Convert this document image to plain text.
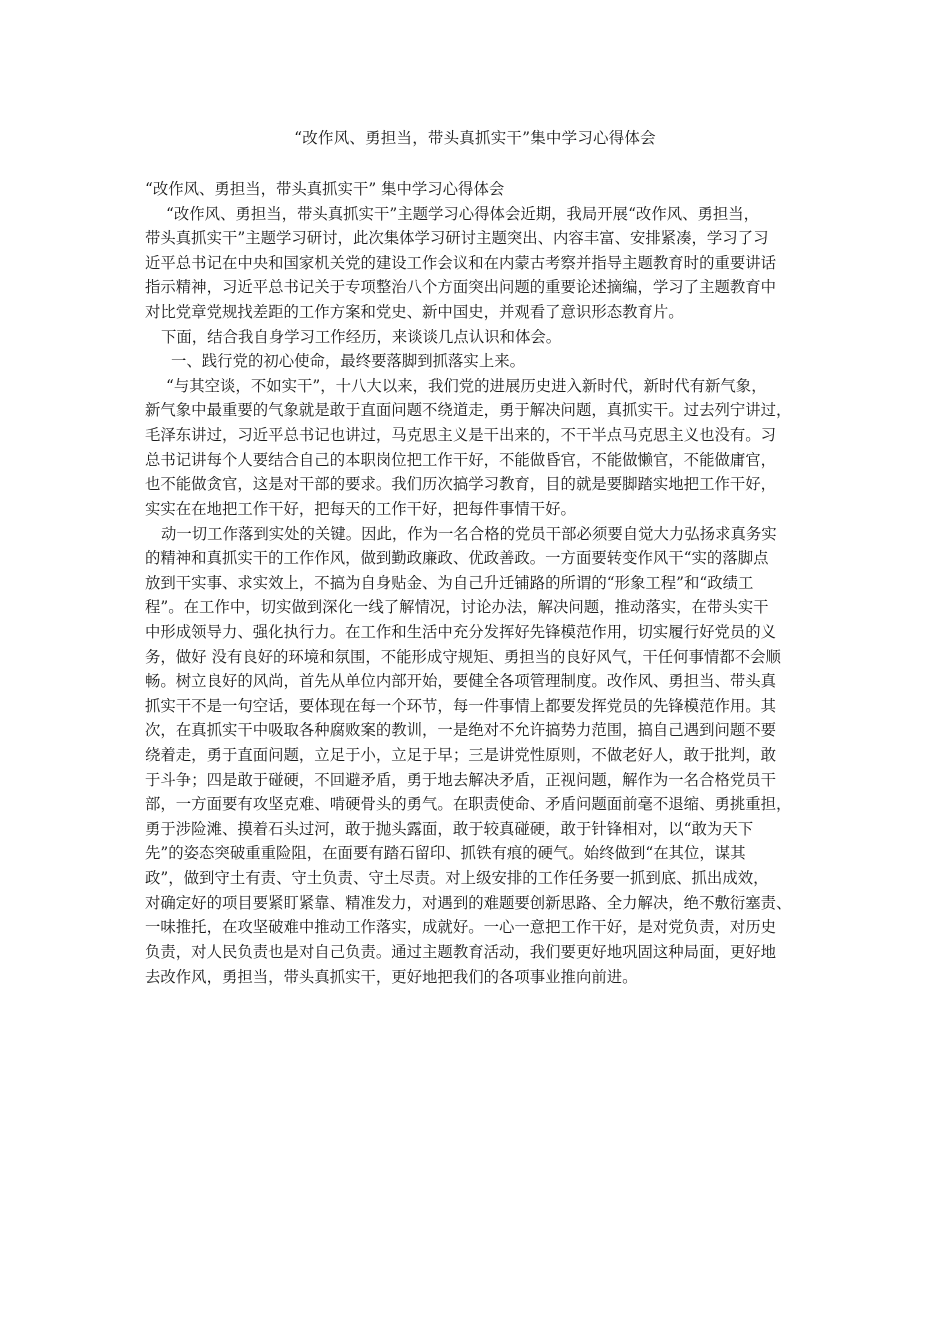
“改作风、勇担当，带头真抓实干”集中学习心得体会
“改作风、勇担当，带头真抓实干” 集中学习心得体会
“改作风、勇担当，带头真抓实干”主题学习心得体会近期，我局开展“改作风、勇担当，
带头真抓实干”主题学习研讨，此次集体学习研讨主题突出、内容丰富、安排紧凑，学习了习
近平总书记在中央和国家机关党的建设工作会议和在内蒙古考察并指导主题教育时的重要讲话
指示精神，习近平总书记关于专项整治八个方面突出问题的重要论述摘编，学习了主题教育中
对比党章党规找差距的工作方案和党史、新中国史，并观看了意识形态教育片。
下面，结合我自身学习工作经历，来谈谈几点认识和体会。
一、践行党的初心使命，最终要落脚到抓落实上来。
“与其空谈，不如实干”，十八大以来，我们党的进展历史进入新时代，新时代有新气象，
新气象中最重要的气象就是敢于直面问题不绕道走，勇于解决问题，真抓实干。过去列宁讲过，
毛泽东讲过，习近平总书记也讲过，马克思主义是干出来的，不干半点马克思主义也没有。习
总书记讲每个人要结合自己的本职岗位把工作干好，不能做昏官，不能做懒官，不能做庸官，
也不能做贪官，这是对干部的要求。我们历次搞学习教育，目的就是要脚踏实地把工作干好，
实实在在地把工作干好，把每天的工作干好，把每件事情干好。
动一切工作落到实处的关键。因此，作为一名合格的党员干部必须要自觉大力弘扬求真务实
的精神和真抓实干的工作作风，做到勤政廉政、优政善政。一方面要转变作风干“实的落脚点
放到干实事、求实效上，不搞为自身贴金、为自己升迁铺路的所谓的“形象工程”和“政绩工
程”。在工作中，切实做到深化一线了解情况，讨论办法，解决问题，推动落实，在带头实干
中形成领导力、强化执行力。在工作和生活中充分发挥好先锋模范作用，切实履行好党员的义
务，做好 没有良好的环境和氛围，不能形成守规矩、勇担当的良好风气，干任何事情都不会顺
畅。树立良好的风尚，首先从单位内部开始，要健全各项管理制度。改作风、勇担当、带头真
抓实干不是一句空话，要体现在每一个环节，每一件事情上都要发挥党员的先锋模范作用。其
次，在真抓实干中吸取各种腐败案的教训，一是绝对不允许搞势力范围，搞自己遇到问题不要
绕着走，勇于直面问题，立足于小，立足于早；三是讲党性原则，不做老好人，敢于批判，敢
于斗争；四是敢于碰硬，不回避矛盾，勇于地去解决矛盾，正视问题，解作为一名合格党员干
部，一方面要有攻坚克难、啃硬骨头的勇气。在职责使命、矛盾问题面前毫不退缩、勇挑重担，
勇于涉险滩、摸着石头过河，敢于抛头露面，敢于较真碰硬，敢于针锋相对，以“敢为天下
先”的姿态突破重重险阻，在面要有踏石留印、抓铁有痕的硬气。始终做到“在其位，谋其
政”，做到守土有责、守土负责、守土尽责。对上级安排的工作任务要一抓到底、抓出成效，
对确定好的项目要紧盯紧靠、精准发力，对遇到的难题要创新思路、全力解决，绝不敷衍塞责、
一味推托，在攻坚破难中推动工作落实，成就好。一心一意把工作干好，是对党负责，对历史
负责，对人民负责也是对自己负责。通过主题教育活动，我们要更好地巩固这种局面，更好地
去改作风，勇担当，带头真抓实干，更好地把我们的各项事业推向前进。
